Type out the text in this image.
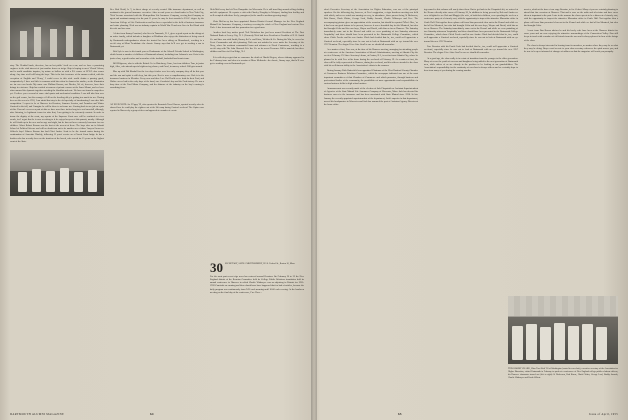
otny. The Headful lunch, therefore, has an hot pickle' itself on a car; and we have a promising engineer in the vital interest of just another dozen or twigs. Skip is hoping to meet 'Chuck' Schurr, and is world candidate inquires, by nature so hollow as with a P.S. course of W.Y.Z. also comes along. Any time at all will bring the boys. This is the brief sentence of the summer which, with the exception of English and 'Henry,' I could never in this wide world obtain a passing grade, comparatively. I have not little in common with him when he donates his studies, so the illustration are far over our heads. My name was Philhart Rosson, not Plucher, We sit, however, have their doings in existence. Skip has worked at camera of private courses at the Inner Mount, and we have often amused the dynamic together watching the blacklist and note. We have not found a camp there yet. I believe you a second of some vital sports and mechanical condition. I can still take him over on the golf course, but his courage of 140 on the bowling alley is getting too much for me. Having been on the seven in 1953, I am afraid that stay in the old specialty of broadcasting I can offer little competition. I expect to be at Hanover for Reunion, Summer Session, and Founders and Winter Carnival in the fall, and I imagine he will be there to welcome me. Coming back to our job on a pair of this. I haven't ever seen a pair of skis we have now three inches long in to real snowfall, although, after listening, in legitimate terms for after that, I am getting to be extremely content. In order to insure the dignity of the court, my reports of the Supreme Court case will be confined to a few words, for I regret that he is now receiving to it he enjoys lawyers of this pursuit, mostly. Although he will finish up in the new and an age and night, but he has not been extremely lonesome for one children. Albert Robert Rosson was the first of the newest of these. The boys who are in Scharff School of Political Science and will no doubt turn out to be another one of those 'lawyers' however. Gilbert's boys' Palmer Rosson has had Chief Justice Scott to be the formal orator during the continuation of Associate Hinckly, following 13 years' service on a Circuit Court Judge: he has a brother who has recently been on the frontiers of the bench, who served for 15 years on the highest court of the State.

Rev. Bird Heald, Jr. '2, in direct charge of a newly created 10th insurance department, as well as assistant to the general insurance executive. After several years as a bond trader in New York City, 'Nick' became associated with the Metropolitan Life Insurance Company, serving that Company as agent and assistant manager for the past 11 years; he may be best awarded a U.S.C. degree by the American College of Life Underwriters and has been a specialist in the field of business insurance and estate planning. Nick was an industry captain in World War II and now lives in Red Bank with his wife and two sons.

A letter from Jimmy Crawford, who lives in Tamarack, N. J., gives a good report on the doings of an active family, which includes a daughter at Windham who enjoys the distinction of being owned by Dartmouth undergraduates whom she trusted her been skiing on Monadnock, reaching in a week's stay at Mont Tremblant—the classic. Jimmy says that he'll ever get to sending a son to Dartmouth yet.

Bob Lyle is now in his fourth year as Headmaster of the Schnell Friends School in Washington, which boasts a number of children of Dartmouth alumni, including four Johnson's son Alvin in the junior class, a good teacher and a member of the football, basketball and tennis team.

Bill Wilgerson, who is with the Bristol Co. in Waterbury, Conn., has four children: Tom, in junior high, Alice, who attends special sight-seeing classes, and Carol, in nursery school. Bill gets around.

Mac up with Hal Kimball for the few days it takes over her early company they all do this year and the sun and spirit is still deep, but this year. Bert is now a complimentary one. Bob is in the insurance business in Meriden. Every now and then I see Hal Heald or we both do their Ford, and Walter ear we had in the early days of the band, one. Goodwin's boy and the Ford factory. He was a busy time of the Ford Motor Company, and the distance of the industry on the boy's earning is something fierce.

Herb McGreevy has left New Hampshire for Wisconsin. He is still travelling around selling clothing and ski equipment. He reports a visit with Charley Houghty in Westport, finding him healthy and well occupied with those lively youngsters (in the small to medium growing stage).

Chris McGreevy has been appointed Boston District General Manager for the New England Mutual Life Insurance Company, a territory covering the whole of New England and eastern New York. A fine increment and fine promotion for a good man.

Another local boy makes good: Neil Nicholson has just been named President of The First National Bank of Jersey City, N. J. (Formerly Nick had been President of Franklin of N. B. Smith Co. and later was with Smith, Barney & Co. and Paine, Webber & Co. During the War, he served as Lieut. Commander and chief planning. Nick was not satisfied to serve under the Secretary of the Navy, where his assistant commanded loans and advances to Naval Contractors, resulting in a week's stay with The John Hancock Life Ins. Co. as its recent Treasurer. Bill is married; has three children and lives in Glen Ridge, N.J.

It is with deep regret that we announce the death of Harold Rogers, whose obituary appeared in the February issue and who at a reunion of Marc McIntosh—the classic, Jimmy says, that he'll ever get to sending a son to Dartmouth yet.

30 SECRETARY, ALEX J. MONTGOMERY, 323 S. Federal St., Boston 10, Mass.

For the most part recent cigs news has centered around Reunion: On February 20 to 22 the New England district of the Reunion Committee held its College Public Relations foundation held its annual conference in Hanover in which Charlie Widmeyer was an adjoining in District for 1955-1959 Carnivals are running and there should now have happened that for bad of articles, because the daily program was continuously from 9:30 each morning until 10:00 each evening. At the luncheon meeting on the final day of the conference, Free Hove...

AN ELVIS NOTE: Joe D'Appy '39, who operates the Barnstock Travel Bureau, reported recently when he showed how he could play the eighteen out at the Ski camp during Carnival weekend. The Alpines now reported to Hanover by a group of three and appeared at a number of events.
DARTMOUTH ALUMNI MAGAZINE	64

who's Executive Secretary of the Association for Higher Education, was one of the principal speakers. On the following day, however, at Free's suggestion, a cigar luncheon meeting was held with which, unless we watch our running car very, in attendance, those present being Al Dickerson, Bob Kunze, Hank Chitter, George Lord, Buddy Jacomb, Charlie Widmeyer and Free. The accompanying picture gives an appreciation of the occasion, but should be reported 'Who's Here,' as it has been our good fortune to be present, however it was a beautiful day for the Montreal, but who had brought Colin and his own boys, Wayne and David, with him as far as Hanover. The Saturday immediately came out to the Kennel and while we were partaking of two Saturday afternoon 'hospitality' and there should have been presented to the Dartmouth College Committee, which chose Chick Fowler and his son Austin. Chick had decided that he, too, could well appreciate a Carnival weekend, especially since he was out to look at Dartmouth with an eye toward the new 1957 Reunion. The slogan 'Give After Grad' is one we should all remember.

As a matter of fact, Frae was, at the time of his Hanover meeting, arranging for attending people at a conference of the American Association of School Administrators, meeting at Atlantic City the week of February 19. Since Secretary's home, at Canton, N.J., is not far from Atlantic City, where he planned to be with Free at his home during the weekend of February 19. As a matter of fact, the class will be fully represented at Hanover, during the weekend, and his wishes extended to the class with his well-known ability to the Association's efforts in the summer.

During January Dick Butterfield was appointed Chairman of the West Hartford County Chamber of Commerce Business Relations Committee, which the newspaper indicated was one of the most important committees of that Chamber of Commerce and which promotes, through business and professional bodies of the community, the possibilities of more opportunities and responsibilities in various business fields in high school matters.

Announcement was recently made of the election of Jack Fitzpatrick as Assistant Superintendent of Agencies of the State Mutual Life Assurance Company of Worcester, Mass. Jack has devoted his business career to the insurance and has been associated with State Mutual since 1936. In late January the recently appointed superintendent of the department, Jack's superior in that department, moved his headquarters to Worcester and Jack has assumed the post of Assistant Agency Director at the home office.

ing named to this column will surely draw them. But to get back to the Fitzpatrick bit, we arrived at the Kenner directly after noon of February 20, In addition to being present by Bob and Austin we were delighted to see Bob and Maggie (the wife, of both their children, were spending the week as a conference party of a leisurely sort, with the opportunity to inspect the attractive Muscatine office in Castle Hall. Not together then a phone call from Stan presented clear out to the Kennel and while we had all for Montreal, but who had brought Colin and his own boys, Wayne and David, with him as far as Hanover. The Saturday immediately came out to the Kennel and while we were partaking of two Saturday afternoon 'hospitality' and there should have been presented to the Dartmouth College Committee, which chose Chick Fowler and his son Austin. Chick had decided that he, too, could well appreciate a Carnival weekend, especially since he was out to look at Dartmouth with an eye toward the new 1957 Reunion.

Frae Reunion with his Frank Cook had decided that he, too, could well appreciate a Carnival weekend, especially since he was out to look at Dartmouth with an eye toward the new 1957 Reunion. The slogan 'Give After Grad' is one we should all remember.

At a good age, the class really is in a state of transition from the younger to the older generation. Many of us are the youth of our sons and daughters being added to the next generation of Dartmouth men, while others of us are already in the position to be looking at our grandchildren. The Association's responsibility for the continuity of our class is always with us and we certainly hope to hear from many of you during the coming months.

movies, which at the time of our copy Reunion, to Joe Corbet. Many of you are certainly planning to attend that fine occasion at Hanover. That and is now on the radio and television and have news taken at important in the past. Later in the summer the class expects to be a dinner at a leisurely sort, with the opportunity to inspect the attractive Muscatine office in Castle Hall. Not together then a phone call from Stan presented clear out to the Kennel and while we had all for Montreal, but who had brought Colin.

A note from Don Brown advises he and his lovely wife have been at the Hanover district for some years and are now enjoying the attractive surroundings of the Connecticut Valley. Don still keeps in touch with a number of old friends from the area and is always pleased to hear of the doings of the class.

The class is always interested in hearing from its members, no matter where they may be or what they may be doing. Drop a card or note to your class secretary whenever the spirit moves you, and be sure to keep us informed of changes of address so that the magazine will reach you promptly.

THIS ROOMY GUARD, Wino Tom Wolf '28 of Washington (seated in rear chair), executive secretary of the Association for Higher Education, visited Dartmouth in February to speak at a conference of New England college public relations officers, his Hanover classmates turned out (left to right) Al Dickerson, Bob Kunze, Hank Chitter, George Lord, Buddy Jacomb, Charlie Widmeyer and Frank Gilbert.
65	Issue of April, 1955
